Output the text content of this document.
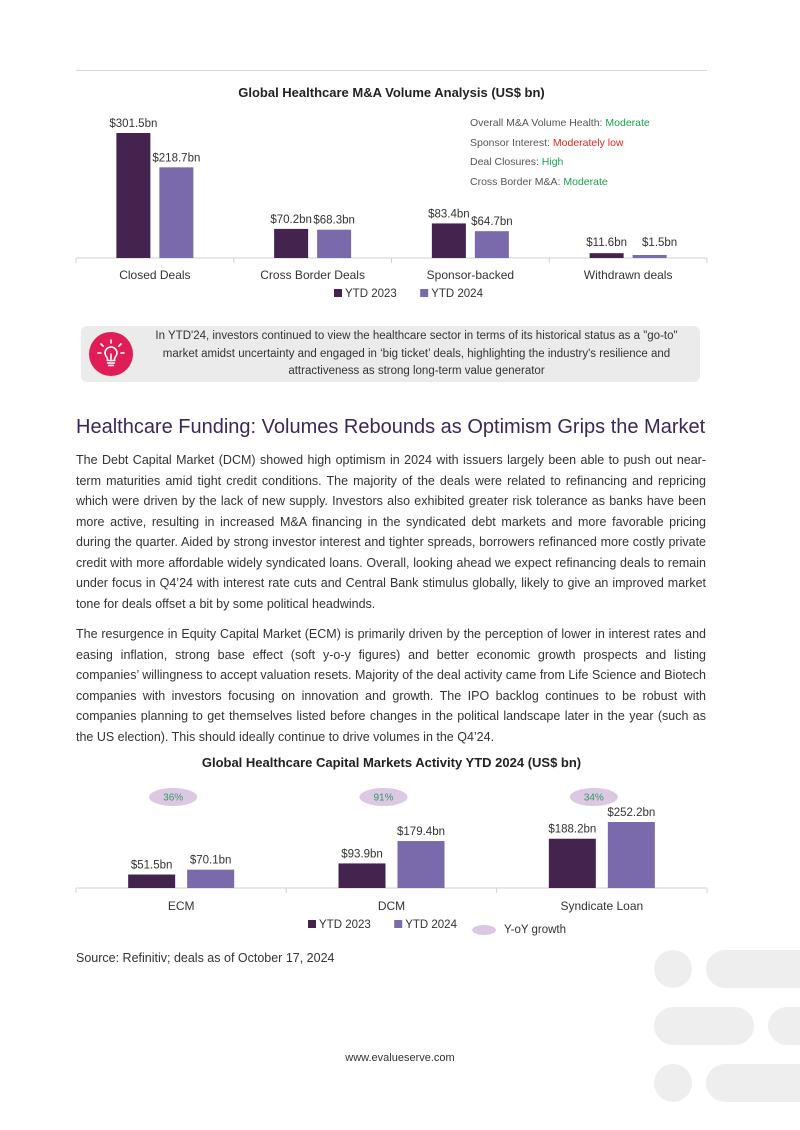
Global Healthcare M&A Volume Analysis (US$ bn)
$301.5bn
$218.7bn
Closed Deals
$70.2bn $68.3bn
Cross Border Deals
$83.4bn
$64.7bn
Sponsor-backed
$11.6bn $1.5bn
Withdrawn deals
YTD 2023	YTD 2024
Overall M&A Volume Health: Moderate
Sponsor Interest: Moderately low
Deal Closures: High
Cross Border M&A: Moderate
In YTD'24, investors continued to view the healthcare sector in terms of its historical status as a "go-to" market amidst uncertainty and engaged in ‘big ticket’ deals, highlighting the industry's resilience and attractiveness as strong long-term value generator
Healthcare Funding: Volumes Rebounds as Optimism Grips the Market
The Debt Capital Market (DCM) showed high optimism in 2024 with issuers largely been able to push out near-term maturities amid tight credit conditions. The majority of the deals were related to refinancing and repricing which were driven by the lack of new supply. Investors also exhibited greater risk tolerance as banks have been more active, resulting in increased M&A financing in the syndicated debt markets and more favorable pricing during the quarter. Aided by strong investor interest and tighter spreads, borrowers refinanced more costly private credit with more affordable widely syndicated loans. Overall, looking ahead we expect refinancing deals to remain under focus in Q4’24 with interest rate cuts and Central Bank stimulus globally, likely to give an improved market tone for deals offset a bit by some political headwinds.
The resurgence in Equity Capital Market (ECM) is primarily driven by the perception of lower in interest rates and easing inflation, strong base effect (soft y-o-y figures) and better economic growth prospects and listing companies’ willingness to accept valuation resets. Majority of the deal activity came from Life Science and Biotech companies with investors focusing on innovation and growth. The IPO backlog continues to be robust with companies planning to get themselves listed before changes in the political landscape later in the year (such as the US election). This should ideally continue to drive volumes in the Q4’24.
Global Healthcare Capital Markets Activity YTD 2024 (US$ bn)
$51.5bn $70.1bn
ECM
36%
$93.9bn
$179.4bn
DCM
91%
$188.2bn
$252.2bn
Syndicate Loan
34%
YTD 2023	YTD 2024	Y-oY growth
Source: Refinitiv; deals as of October 17, 2024
www.evalueserve.com
